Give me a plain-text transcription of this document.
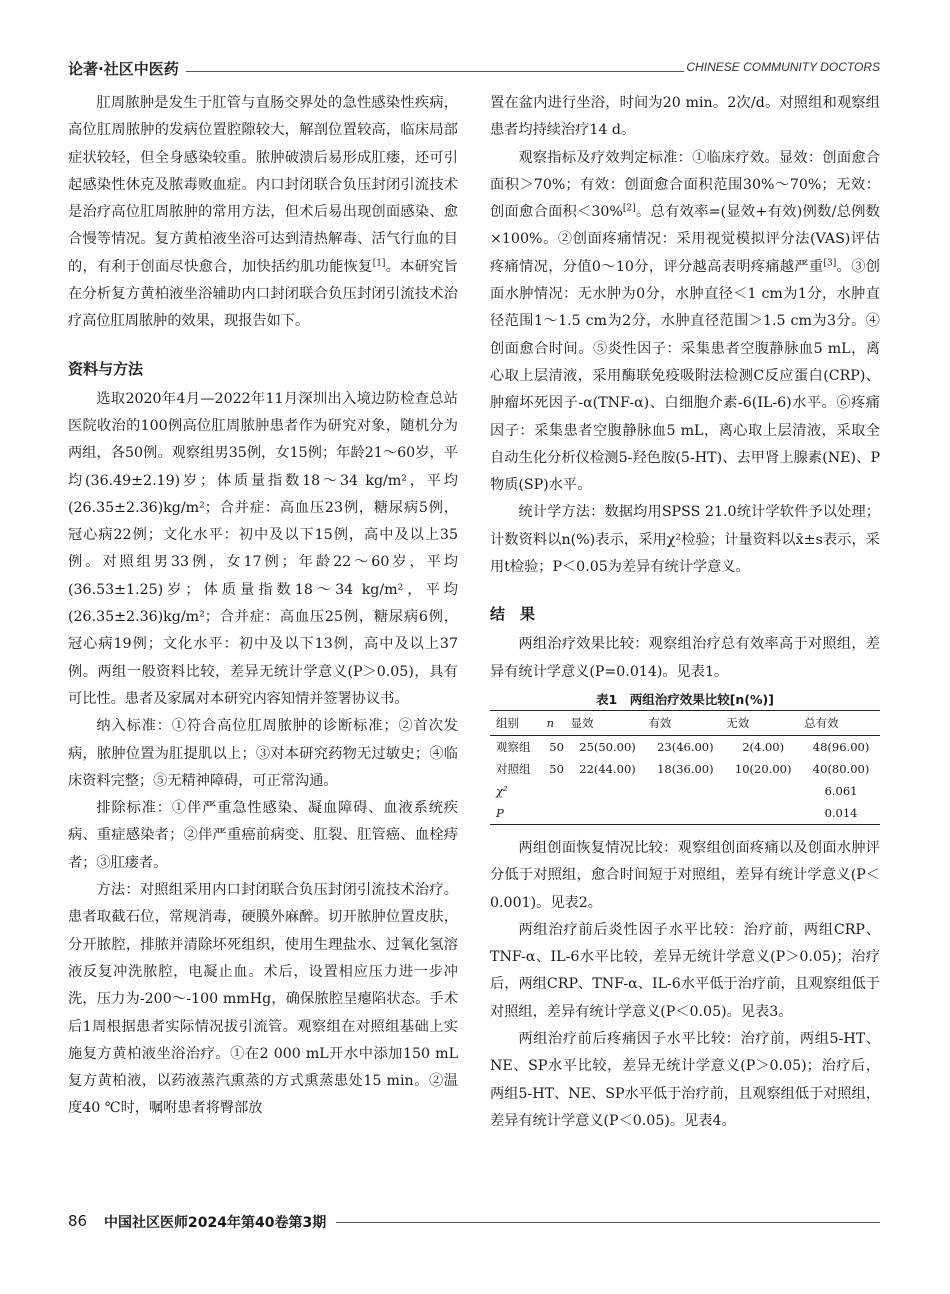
论著·社区中医药	CHINESE COMMUNITY DOCTORS

肛周脓肿是发生于肛管与直肠交界处的急性感染性疾病，高位肛周脓肿的发病位置腔隙较大，解剖位置较高，临床局部症状较轻，但全身感染较重。脓肿破溃后易形成肛瘘，还可引起感染性休克及脓毒败血症。内口封闭联合负压封闭引流技术是治疗高位肛周脓肿的常用方法，但术后易出现创面感染、愈合慢等情况。复方黄柏液坐浴可达到清热解毒、活气行血的目的，有利于创面尽快愈合，加快括约肌功能恢复[1]。本研究旨在分析复方黄柏液坐浴辅助内口封闭联合负压封闭引流技术治疗高位肛周脓肿的效果，现报告如下。

资料与方法

选取2020年4月—2022年11月深圳出入境边防检查总站医院收治的100例高位肛周脓肿患者作为研究对象，随机分为两组，各50例。观察组男35例，女15例；年龄21～60岁，平均(36.49±2.19)岁；体质量指数18～34 kg/m²，平均(26.35±2.36)kg/m²；合并症：高血压23例，糖尿病5例，冠心病22例；文化水平：初中及以下15例，高中及以上35例。对照组男33例，女17例；年龄22～60岁，平均(36.53±1.25)岁；体质量指数18～34 kg/m²，平均(26.35±2.36)kg/m²；合并症：高血压25例，糖尿病6例，冠心病19例；文化水平：初中及以下13例，高中及以上37例。两组一般资料比较，差异无统计学意义(P＞0.05)，具有可比性。患者及家属对本研究内容知情并签署协议书。

纳入标准：①符合高位肛周脓肿的诊断标准；②首次发病，脓肿位置为肛提肌以上；③对本研究药物无过敏史；④临床资料完整；⑤无精神障碍，可正常沟通。

排除标准：①伴严重急性感染、凝血障碍、血液系统疾病、重症感染者；②伴严重癌前病变、肛裂、肛管癌、血栓痔者；③肛瘘者。

方法：对照组采用内口封闭联合负压封闭引流技术治疗。患者取截石位，常规消毒，硬膜外麻醉。切开脓肿位置皮肤，分开脓腔，排脓并清除坏死组织，使用生理盐水、过氧化氢溶液反复冲洗脓腔，电凝止血。术后，设置相应压力进一步冲洗，压力为-200～-100 mmHg，确保脓腔呈瘪陷状态。手术后1周根据患者实际情况拔引流管。观察组在对照组基础上实施复方黄柏液坐浴治疗。①在2 000 mL开水中添加150 mL复方黄柏液，以药液蒸汽熏蒸的方式熏蒸患处15 min。②温度40 ℃时，嘱咐患者将臀部放

置在盆内进行坐浴，时间为20 min。2次/d。对照组和观察组患者均持续治疗14 d。

观察指标及疗效判定标准：①临床疗效。显效：创面愈合面积＞70%；有效：创面愈合面积范围30%～70%；无效：创面愈合面积＜30%[2]。总有效率=(显效+有效)例数/总例数×100%。②创面疼痛情况：采用视觉模拟评分法(VAS)评估疼痛情况，分值0～10分，评分越高表明疼痛越严重[3]。③创面水肿情况：无水肿为0分，水肿直径＜1 cm为1分，水肿直径范围1～1.5 cm为2分，水肿直径范围＞1.5 cm为3分。④创面愈合时间。⑤炎性因子：采集患者空腹静脉血5 mL，离心取上层清液，采用酶联免疫吸附法检测C反应蛋白(CRP)、肿瘤坏死因子-α(TNF-α)、白细胞介素-6(IL-6)水平。⑥疼痛因子：采集患者空腹静脉血5 mL，离心取上层清液，采取全自动生化分析仪检测5-羟色胺(5-HT)、去甲肾上腺素(NE)、P物质(SP)水平。

统计学方法：数据均用SPSS 21.0统计学软件予以处理；计数资料以n(%)表示，采用χ²检验；计量资料以x̄±s表示，采用t检验；P＜0.05为差异有统计学意义。

结　果

两组治疗效果比较：观察组治疗总有效率高于对照组，差异有统计学意义(P=0.014)。见表1。

表1　两组治疗效果比较[n(%)]
组别	n	显效	有效	无效	总有效
观察组	50	25(50.00)	23(46.00)	2(4.00)	48(96.00)
对照组	50	22(44.00)	18(36.00)	10(20.00)	40(80.00)
χ²					6.061
P					0.014

两组创面恢复情况比较：观察组创面疼痛以及创面水肿评分低于对照组，愈合时间短于对照组，差异有统计学意义(P＜0.001)。见表2。

两组治疗前后炎性因子水平比较：治疗前，两组CRP、TNF-α、IL-6水平比较，差异无统计学意义(P＞0.05)；治疗后，两组CRP、TNF-α、IL-6水平低于治疗前，且观察组低于对照组，差异有统计学意义(P＜0.05)。见表3。

两组治疗前后疼痛因子水平比较：治疗前，两组5-HT、NE、SP水平比较，差异无统计学意义(P＞0.05)；治疗后，两组5-HT、NE、SP水平低于治疗前，且观察组低于对照组，差异有统计学意义(P＜0.05)。见表4。

86 中国社区医师2024年第40卷第3期
